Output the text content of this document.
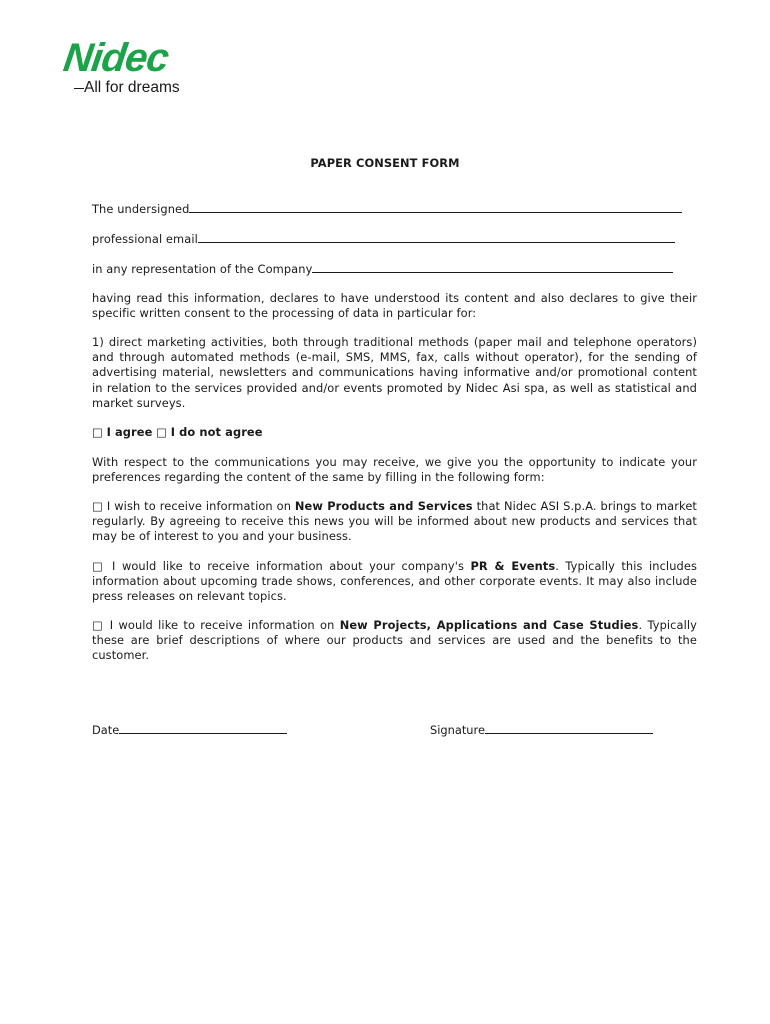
Nidec
All for dreams
PAPER CONSENT FORM
The undersigned
professional email
in any representation of the Company
having read this information, declares to have understood its content and also declares to give their specific written consent to the processing of data in particular for:
1) direct marketing activities, both through traditional methods (paper mail and telephone operators) and through automated methods (e-mail, SMS, MMS, fax, calls without operator), for the sending of advertising material, newsletters and communications having informative and/or promotional content in relation to the services provided and/or events promoted by Nidec Asi spa, as well as statistical and market surveys.
□ I agree □ I do not agree
With respect to the communications you may receive, we give you the opportunity to indicate your preferences regarding the content of the same by filling in the following form:
□ I wish to receive information on New Products and Services that Nidec ASI S.p.A. brings to market regularly. By agreeing to receive this news you will be informed about new products and services that may be of interest to you and your business.
□ I would like to receive information about your company's PR & Events. Typically this includes information about upcoming trade shows, conferences, and other corporate events. It may also include press releases on relevant topics.
□ I would like to receive information on New Projects, Applications and Case Studies. Typically these are brief descriptions of where our products and services are used and the benefits to the customer.
Date	Signature
